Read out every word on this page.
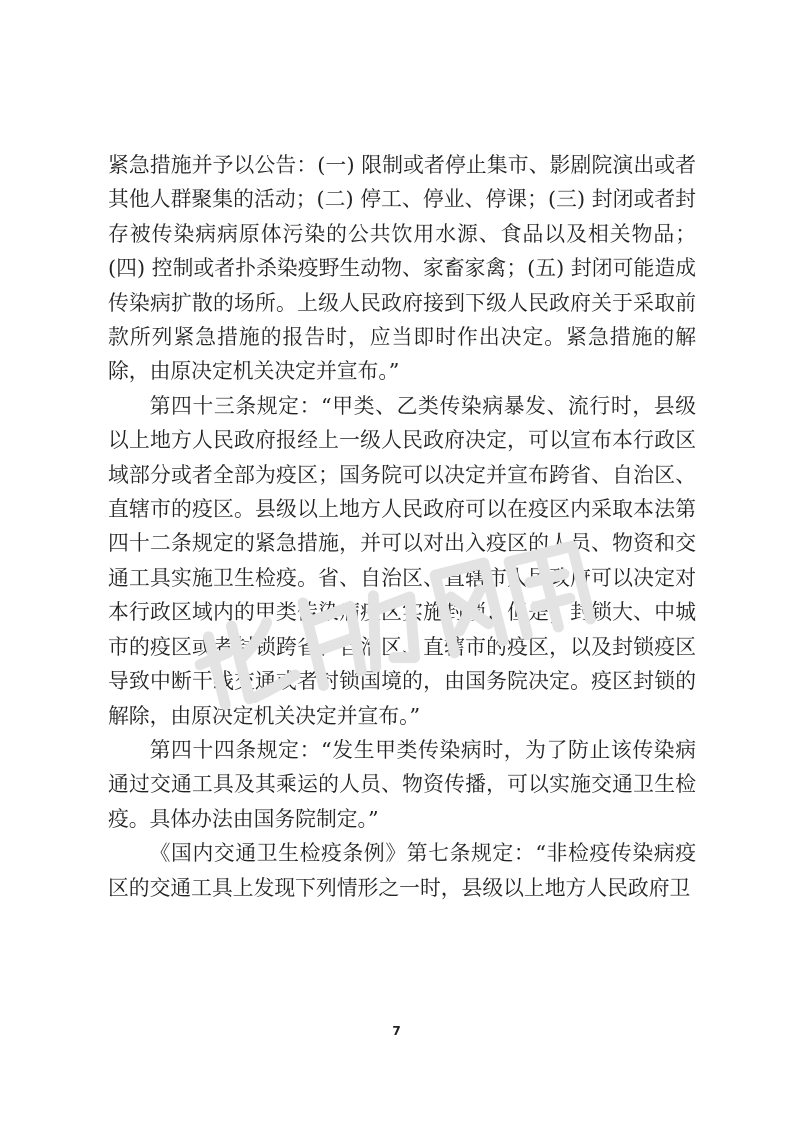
紧急措施并予以公告：(一) 限制或者停止集市、影剧院演出或者其他人群聚集的活动；(二) 停工、停业、停课；(三) 封闭或者封存被传染病病原体污染的公共饮用水源、食品以及相关物品；(四) 控制或者扑杀染疫野生动物、家畜家禽；(五) 封闭可能造成传染病扩散的场所。上级人民政府接到下级人民政府关于采取前款所列紧急措施的报告时，应当即时作出决定。紧急措施的解除，由原决定机关决定并宣布。”

第四十三条规定：“甲类、乙类传染病暴发、流行时，县级以上地方人民政府报经上一级人民政府决定，可以宣布本行政区域部分或者全部为疫区；国务院可以决定并宣布跨省、自治区、直辖市的疫区。县级以上地方人民政府可以在疫区内采取本法第四十二条规定的紧急措施，并可以对出入疫区的人员、物资和交通工具实施卫生检疫。省、自治区、直辖市人民政府可以决定对本行政区域内的甲类传染病疫区实施封锁；但是，封锁大、中城市的疫区或者封锁跨省、自治区、直辖市的疫区，以及封锁疫区导致中断干线交通或者封锁国境的，由国务院决定。疫区封锁的解除，由原决定机关决定并宣布。”

第四十四条规定：“发生甲类传染病时，为了防止该传染病通过交通工具及其乘运的人员、物资传播，可以实施交通卫生检疫。具体办法由国务院制定。”

《国内交通卫生检疫条例》第七条规定：“非检疫传染病疫区的交通工具上发现下列情形之一时，县级以上地方人民政府卫

7
